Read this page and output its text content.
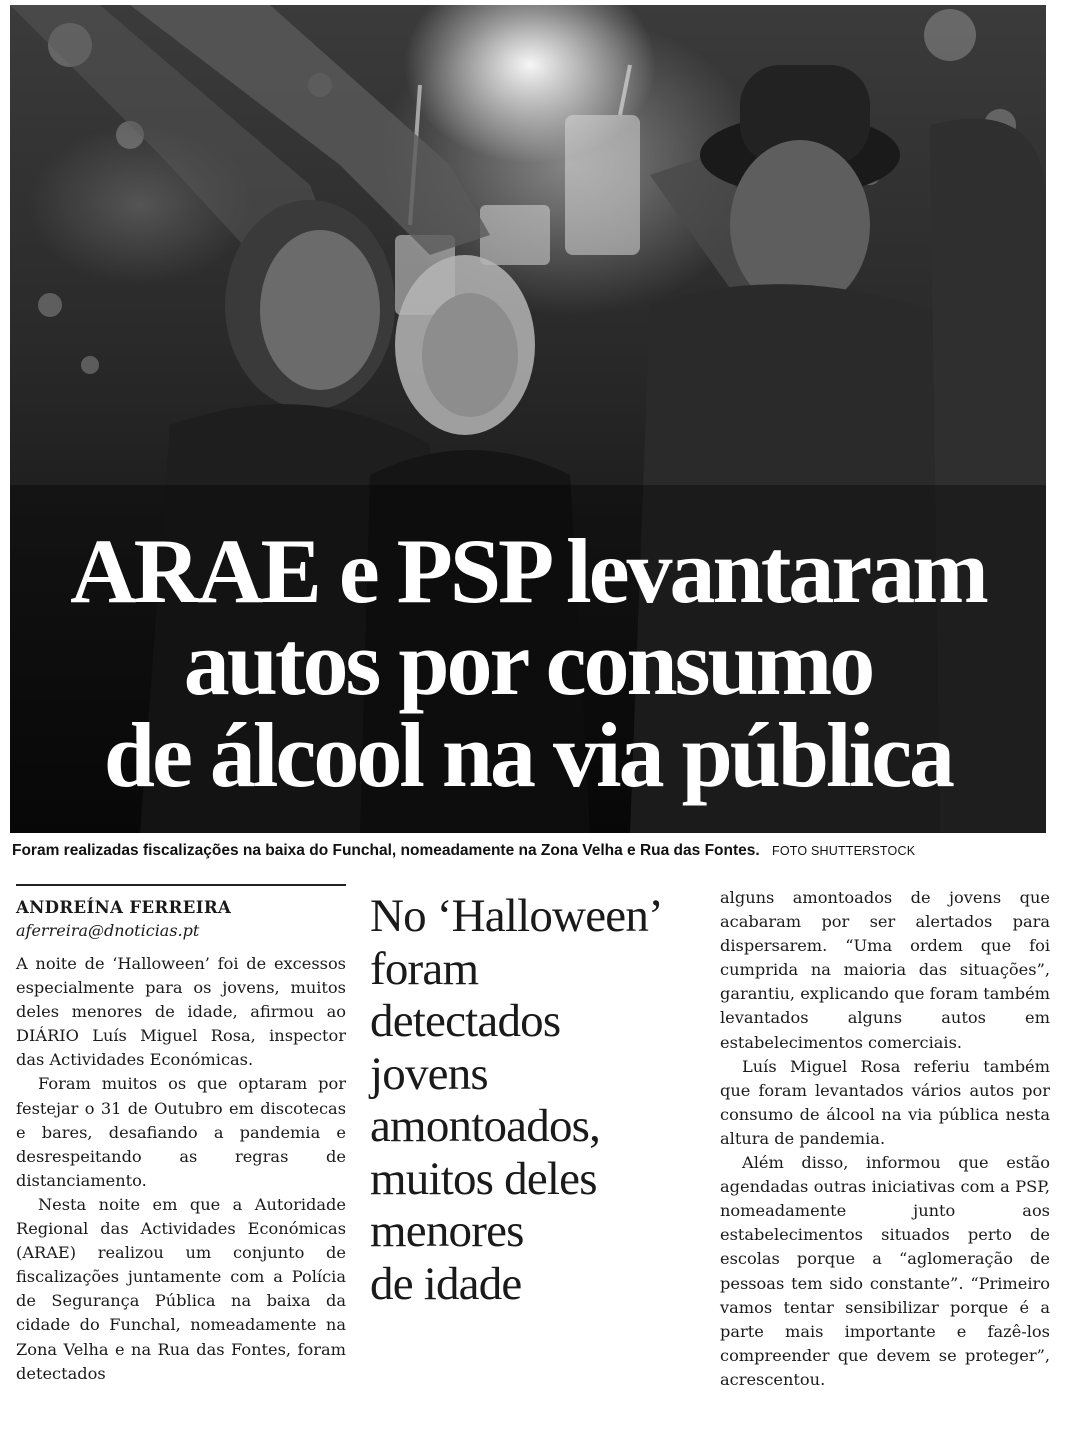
ARAE e PSP levantaram
autos por consumo
de álcool na via pública
Foram realizadas fiscalizações na baixa do Funchal, nomeadamente na Zona Velha e Rua das Fontes. FOTO SHUTTERSTOCK
ANDREÍNA FERREIRA
aferreira@dnoticias.pt

A noite de ‘Halloween’ foi de excessos especialmente para os jovens, muitos deles menores de idade, afirmou ao DIÁRIO Luís Miguel Rosa, inspector das Actividades Económicas.

Foram muitos os que optaram por festejar o 31 de Outubro em discotecas e bares, desafiando a pandemia e desrespeitando as regras de distanciamento.

Nesta noite em que a Autoridade Regional das Actividades Económicas (ARAE) realizou um conjunto de fiscalizações juntamente com a Polícia de Segurança Pública na baixa da cidade do Funchal, nomeadamente na Zona Velha e na Rua das Fontes, foram detectados

No ‘Halloween’
foram
detectados
jovens
amontoados,
muitos deles
menores
de idade

alguns amontoados de jovens que acabaram por ser alertados para dispersarem. “Uma ordem que foi cumprida na maioria das situações”, garantiu, explicando que foram também levantados alguns autos em estabelecimentos comerciais.

Luís Miguel Rosa referiu também que foram levantados vários autos por consumo de álcool na via pública nesta altura de pandemia.

Além disso, informou que estão agendadas outras iniciativas com a PSP, nomeadamente junto aos estabelecimentos situados perto de escolas porque a “aglomeração de pessoas tem sido constante”. “Primeiro vamos tentar sensibilizar porque é a parte mais importante e fazê-los compreender que devem se proteger”, acrescentou.
